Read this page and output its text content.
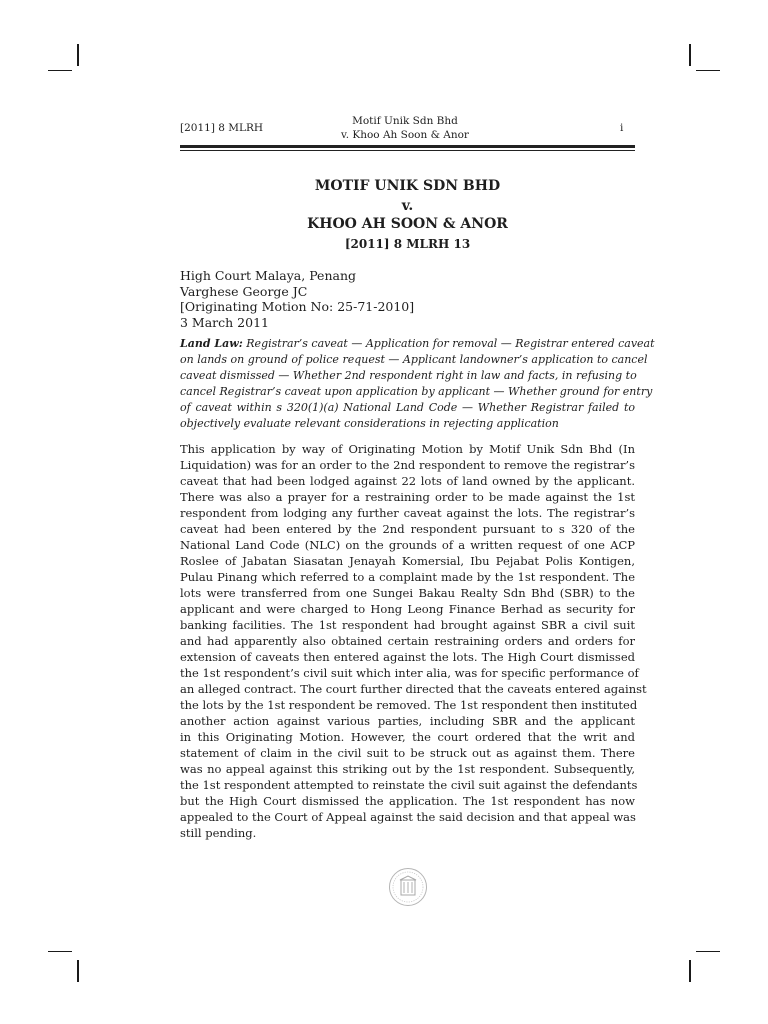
[2011] 8 MLRH
Motif Unik Sdn Bhd
v. Khoo Ah Soon & Anor
i
MOTIF UNIK SDN BHD
v.
KHOO AH SOON & ANOR
[2011] 8 MLRH 13
High Court Malaya, Penang
Varghese George JC
[Originating Motion No: 25-71-2010]
3 March 2011
Land Law: Registrar’s caveat — Application for removal — Registrar entered caveat
on lands on ground of police request — Applicant landowner’s application to cancel
caveat dismissed — Whether 2nd respondent right in law and facts, in refusing to
cancel Registrar’s caveat upon application by applicant — Whether ground for entry
of caveat within s 320(1)(a) National Land Code — Whether Registrar failed to
objectively evaluate relevant considerations in rejecting application
This application by way of Originating Motion by Motif Unik Sdn Bhd (In
Liquidation) was for an order to the 2nd respondent to remove the registrar’s
caveat that had been lodged against 22 lots of land owned by the applicant.
There was also a prayer for a restraining order to be made against the 1st
respondent from lodging any further caveat against the lots. The registrar’s
caveat had been entered by the 2nd respondent pursuant to s 320 of the
National Land Code (NLC) on the grounds of a written request of one ACP
Roslee of Jabatan Siasatan Jenayah Komersial, Ibu Pejabat Polis Kontigen,
Pulau Pinang which referred to a complaint made by the 1st respondent. The
lots were transferred from one Sungei Bakau Realty Sdn Bhd (SBR) to the
applicant and were charged to Hong Leong Finance Berhad as security for
banking facilities. The 1st respondent had brought against SBR a civil suit
and had apparently also obtained certain restraining orders and orders for
extension of caveats then entered against the lots. The High Court dismissed
the 1st respondent’s civil suit which inter alia, was for specific performance of
an alleged contract. The court further directed that the caveats entered against
the lots by the 1st respondent be removed. The 1st respondent then instituted
another action against various parties, including SBR and the applicant
in this Originating Motion. However, the court ordered that the writ and
statement of claim in the civil suit to be struck out as against them. There
was no appeal against this striking out by the 1st respondent. Subsequently,
the 1st respondent attempted to reinstate the civil suit against the defendants
but the High Court dismissed the application. The 1st respondent has now
appealed to the Court of Appeal against the said decision and that appeal was
still pending.
